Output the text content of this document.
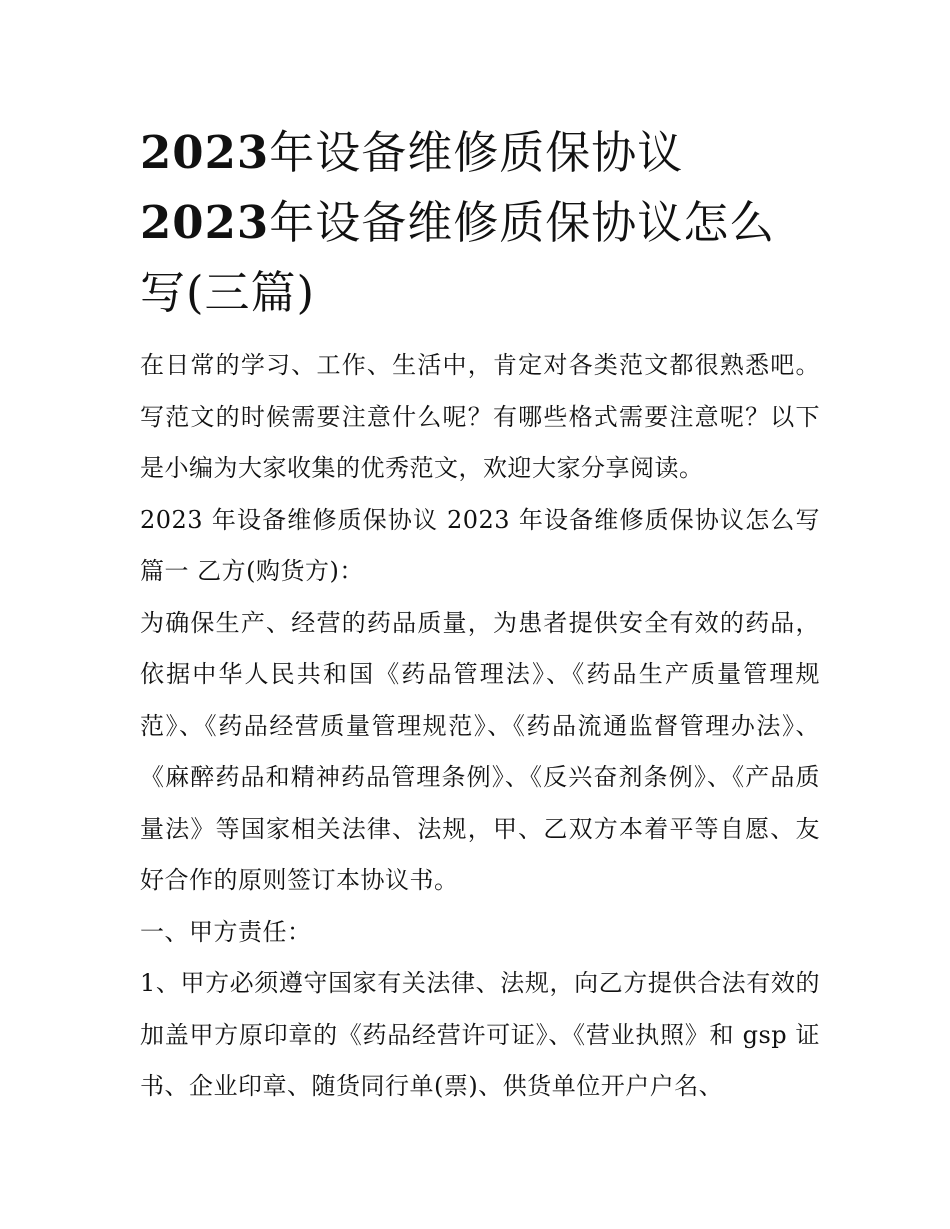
2023年设备维修质保协议
2023年设备维修质保协议怎么写(三篇)

在日常的学习、工作、生活中，肯定对各类范文都很熟悉吧。写范文的时候需要注意什么呢？有哪些格式需要注意呢？以下是小编为大家收集的优秀范文，欢迎大家分享阅读。

2023 年设备维修质保协议 2023 年设备维修质保协议怎么写篇一 乙方(购货方)：

为确保生产、经营的药品质量，为患者提供安全有效的药品，依据中华人民共和国《药品管理法》、《药品生产质量管理规范》、《药品经营质量管理规范》、《药品流通监督管理办法》、《麻醉药品和精神药品管理条例》、《反兴奋剂条例》、《产品质量法》等国家相关法律、法规，甲、乙双方本着平等自愿、友好合作的原则签订本协议书。

一、甲方责任：

1、甲方必须遵守国家有关法律、法规，向乙方提供合法有效的加盖甲方原印章的《药品经营许可证》、《营业执照》和 gsp 证书、企业印章、随货同行单(票)、供货单位开户户名、
